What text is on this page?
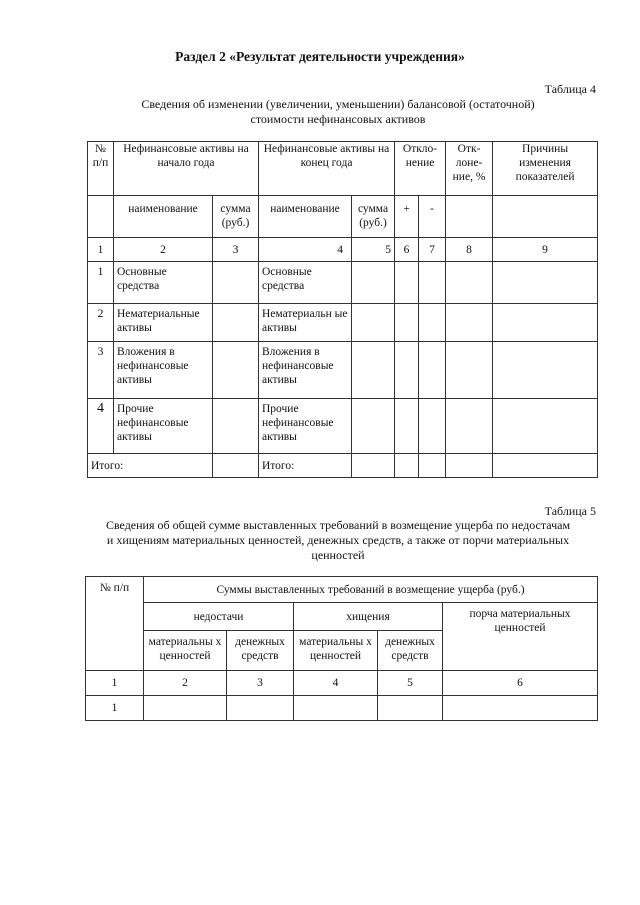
Раздел 2 «Результат деятельности учреждения»
Таблица 4
Сведения об изменении (увеличении, уменьшении) балансовой (остаточной)
стоимости нефинансовых активов
№ п/п	Нефинансовые активы на начало года		Нефинансовые активы на конец года		Откло-нение		Отк-лоне-ние, %	Причины изменения показателей
	наименование	сумма (руб.)	наименование	сумма (руб.)	+	-		
1	2	3	4	5	6	7	8	9
1	Основные средства		Основные средства					
2	Нематериальные активы		Нематериальн ые активы					
3	Вложения в нефинансовые активы		Вложения в нефинансовые активы					
4	Прочие нефинансовые активы		Прочие нефинансовые активы					
Итого:			Итого:					
Таблица 5
Сведения об общей сумме выставленных требований в возмещение ущерба по недостачам
и хищениям материальных ценностей, денежных средств, а также от порчи материальных
ценностей
№ п/п	Суммы выставленных требований в возмещение ущерба (руб.)				
	недостачи		хищения		порча материальных ценностей
	материальны х ценностей	денежных средств	материальны х ценностей	денежных средств	
1	2	3	4	5	6
1					
